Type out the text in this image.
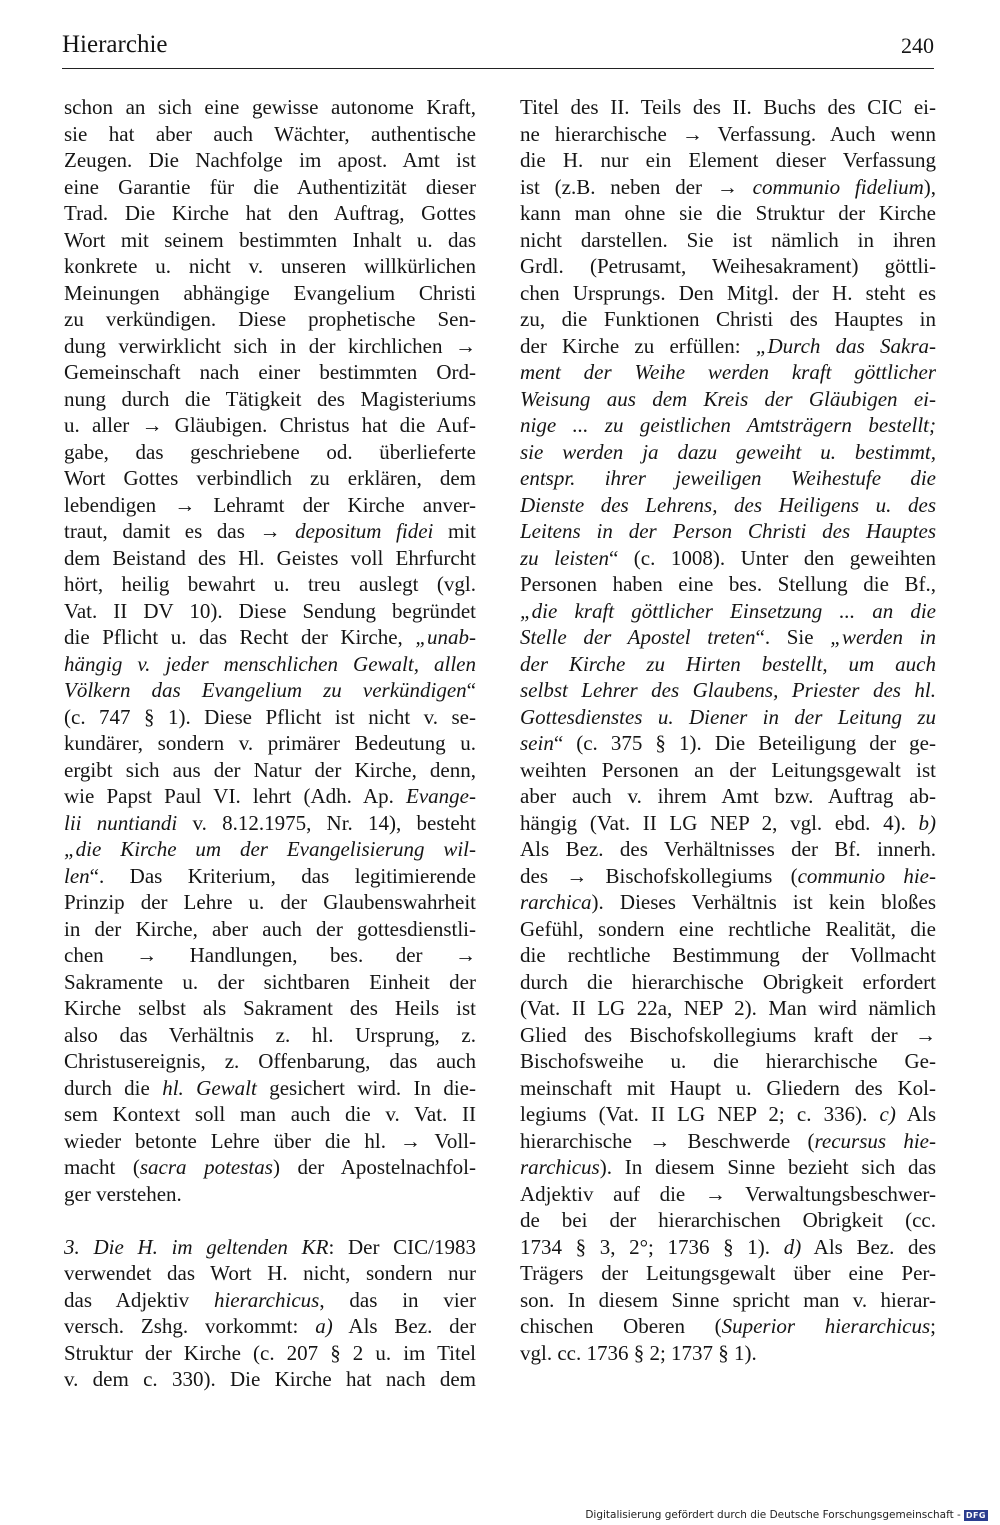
Hierarchie	240
schon an sich eine gewisse autonome Kraft,
sie hat aber auch Wächter, authentische
Zeugen. Die Nachfolge im apost. Amt ist
eine Garantie für die Authentizität dieser
Trad. Die Kirche hat den Auftrag, Gottes
Wort mit seinem bestimmten Inhalt u. das
konkrete u. nicht v. unseren willkürlichen
Meinungen abhängige Evangelium Christi
zu verkündigen. Diese prophetische Sen-
dung verwirklicht sich in der kirchlichen →
Gemeinschaft nach einer bestimmten Ord-
nung durch die Tätigkeit des Magisteriums
u. aller → Gläubigen. Christus hat die Auf-
gabe, das geschriebene od. überlieferte
Wort Gottes verbindlich zu erklären, dem
lebendigen → Lehramt der Kirche anver-
traut, damit es das → depositum fidei mit
dem Beistand des Hl. Geistes voll Ehrfurcht
hört, heilig bewahrt u. treu auslegt (vgl.
Vat. II DV 10). Diese Sendung begründet
die Pflicht u. das Recht der Kirche, „unab-
hängig v. jeder menschlichen Gewalt, allen
Völkern das Evangelium zu verkündigen“
(c. 747 § 1). Diese Pflicht ist nicht v. se-
kundärer, sondern v. primärer Bedeutung u.
ergibt sich aus der Natur der Kirche, denn,
wie Papst Paul VI. lehrt (Adh. Ap. Evange-
lii nuntiandi v. 8.12.1975, Nr. 14), besteht
„die Kirche um der Evangelisierung wil-
len“. Das Kriterium, das legitimierende
Prinzip der Lehre u. der Glaubenswahrheit
in der Kirche, aber auch der gottesdienstli-
chen → Handlungen, bes. der →
Sakramente u. der sichtbaren Einheit der
Kirche selbst als Sakrament des Heils ist
also das Verhältnis z. hl. Ursprung, z.
Christusereignis, z. Offenbarung, das auch
durch die hl. Gewalt gesichert wird. In die-
sem Kontext soll man auch die v. Vat. II
wieder betonte Lehre über die hl. → Voll-
macht (sacra potestas) der Apostelnachfol-
ger verstehen.
3. Die H. im geltenden KR: Der CIC/1983
verwendet das Wort H. nicht, sondern nur
das Adjektiv hierarchicus, das in vier
versch. Zshg. vorkommt: a) Als Bez. der
Struktur der Kirche (c. 207 § 2 u. im Titel
v. dem c. 330). Die Kirche hat nach dem
Titel des II. Teils des II. Buchs des CIC ei-
ne hierarchische → Verfassung. Auch wenn
die H. nur ein Element dieser Verfassung
ist (z.B. neben der → communio fidelium),
kann man ohne sie die Struktur der Kirche
nicht darstellen. Sie ist nämlich in ihren
Grdl. (Petrusamt, Weihesakrament) göttli-
chen Ursprungs. Den Mitgl. der H. steht es
zu, die Funktionen Christi des Hauptes in
der Kirche zu erfüllen: „Durch das Sakra-
ment der Weihe werden kraft göttlicher
Weisung aus dem Kreis der Gläubigen ei-
nige ... zu geistlichen Amtsträgern bestellt;
sie werden ja dazu geweiht u. bestimmt,
entspr. ihrer jeweiligen Weihestufe die
Dienste des Lehrens, des Heiligens u. des
Leitens in der Person Christi des Hauptes
zu leisten“ (c. 1008). Unter den geweihten
Personen haben eine bes. Stellung die Bf.,
„die kraft göttlicher Einsetzung ... an die
Stelle der Apostel treten“. Sie „werden in
der Kirche zu Hirten bestellt, um auch
selbst Lehrer des Glaubens, Priester des hl.
Gottesdienstes u. Diener in der Leitung zu
sein“ (c. 375 § 1). Die Beteiligung der ge-
weihten Personen an der Leitungsgewalt ist
aber auch v. ihrem Amt bzw. Auftrag ab-
hängig (Vat. II LG NEP 2, vgl. ebd. 4). b)
Als Bez. des Verhältnisses der Bf. innerh.
des → Bischofskollegiums (communio hie-
rarchica). Dieses Verhältnis ist kein bloßes
Gefühl, sondern eine rechtliche Realität, die
die rechtliche Bestimmung der Vollmacht
durch die hierarchische Obrigkeit erfordert
(Vat. II LG 22a, NEP 2). Man wird nämlich
Glied des Bischofskollegiums kraft der →
Bischofsweihe u. die hierarchische Ge-
meinschaft mit Haupt u. Gliedern des Kol-
legiums (Vat. II LG NEP 2; c. 336). c) Als
hierarchische → Beschwerde (recursus hie-
rarchicus). In diesem Sinne bezieht sich das
Adjektiv auf die → Verwaltungsbeschwer-
de bei der hierarchischen Obrigkeit (cc.
1734 § 3, 2°; 1736 § 1). d) Als Bez. des
Trägers der Leitungsgewalt über eine Per-
son. In diesem Sinne spricht man v. hierar-
chischen Oberen (Superior hierarchicus;
vgl. cc. 1736 § 2; 1737 § 1).
Digitalisierung gefördert durch die Deutsche Forschungsgemeinschaft - DFG
